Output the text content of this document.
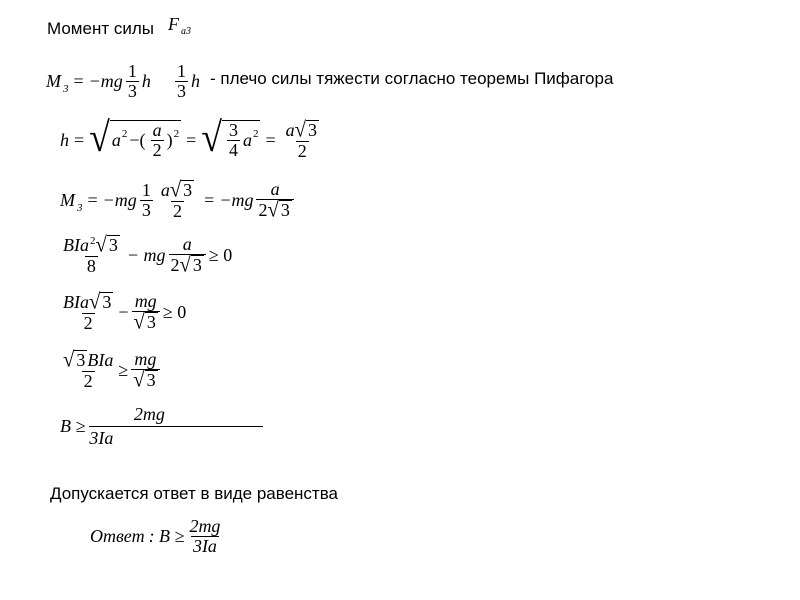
Момент силы F $_{a3}$
M $_3 = -mg \frac{1}{3}$ h $\frac{1}{3}$ h - плечо силы тяжести согласно теоремы Пифагора
h = √ a 2 −( $\frac{a}{2}$ ) 2 = √ $\frac{3}{4}$ a $2 = \frac{a √ 3}{2}$
M $_3 = -mg \frac{1}{3} \frac{a √ 3}{2} = -mg \frac{a}{2 √ 3}$
$\frac{BIa^2 √ 3}{8}$ − mg $\frac{a}{2 √ 3} \ge 0$
$\frac{\text{BIa √ 3}}{2} - \frac{mg}{√ 3} \ge 0$
$\frac{\text{√ 3 BIa}}{2} \ge \frac{mg}{√ 3}$
$B \ge \frac{2mg}{3Ia}$
Допускается ответ в виде равенства
Ответ : $B \ge \frac{2mg}{3Ia}$
